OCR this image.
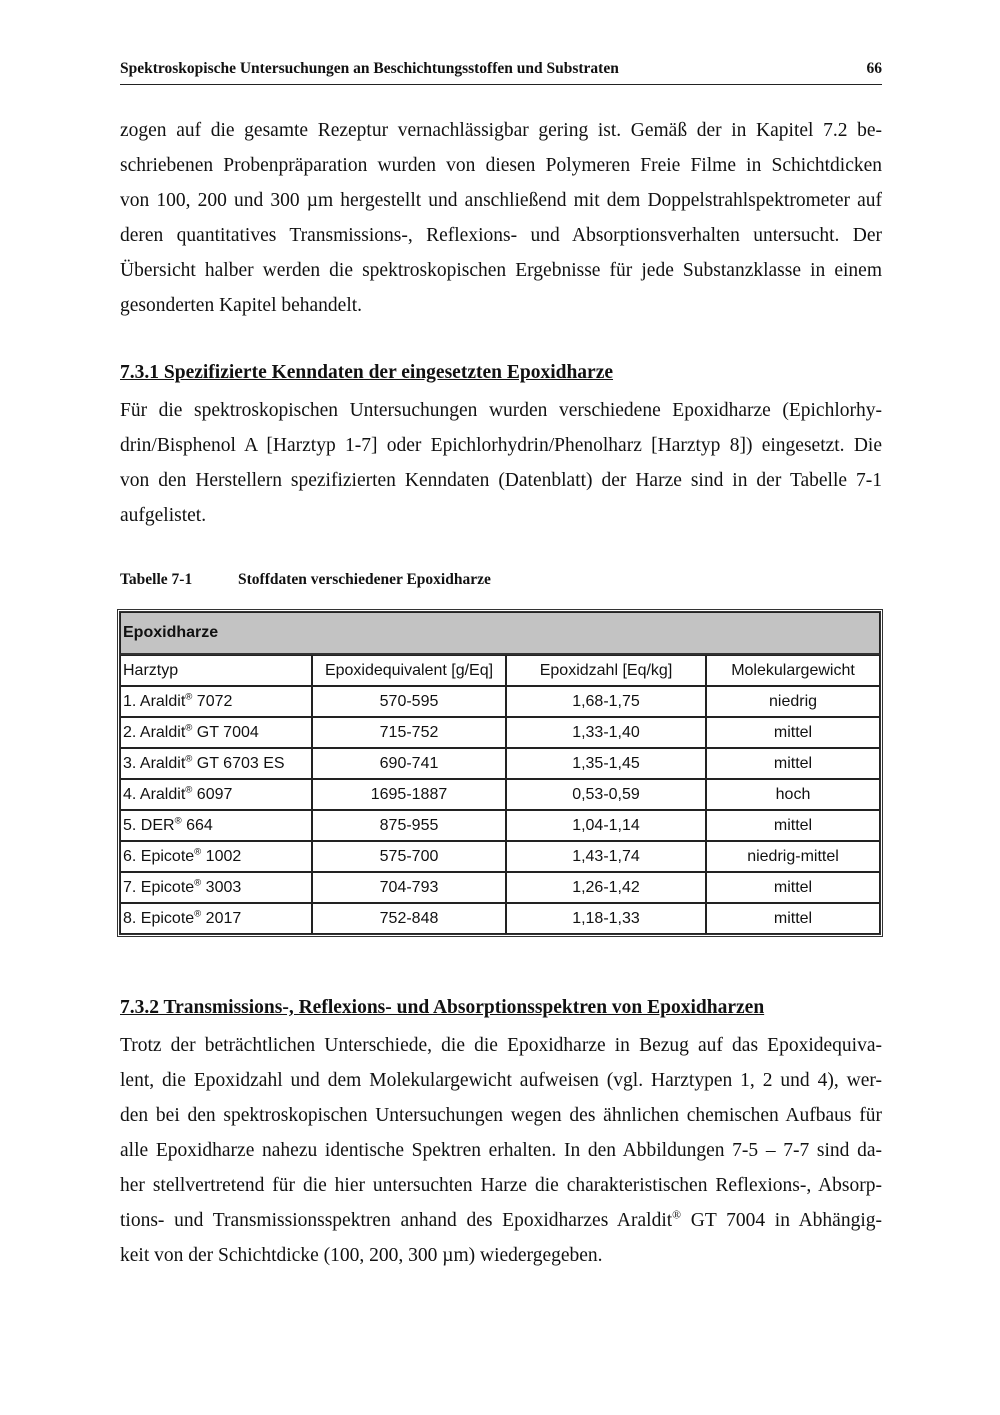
Spektroskopische Untersuchungen an Beschichtungsstoffen und Substraten	66
zogen auf die gesamte Rezeptur vernachlässigbar gering ist. Gemäß der in Kapitel 7.2 be-
schriebenen Probenpräparation wurden von diesen Polymeren Freie Filme in Schichtdicken
von 100, 200 und 300 µm hergestellt und anschließend mit dem Doppelstrahlspektrometer auf
deren quantitatives Transmissions-, Reflexions- und Absorptionsverhalten untersucht. Der
Übersicht halber werden die spektroskopischen Ergebnisse für jede Substanzklasse in einem
gesonderten Kapitel behandelt.
7.3.1 Spezifizierte Kenndaten der eingesetzten Epoxidharze
Für die spektroskopischen Untersuchungen wurden verschiedene Epoxidharze (Epichlorhy-
drin/Bisphenol A [Harztyp 1-7] oder Epichlorhydrin/Phenolharz [Harztyp 8]) eingesetzt. Die
von den Herstellern spezifizierten Kenndaten (Datenblatt) der Harze sind in der Tabelle 7-1
aufgelistet.
Tabelle 7-1	Stoffdaten verschiedener Epoxidharze
Epoxidharze			
Harztyp	Epoxidequivalent [g/Eq]	Epoxidzahl [Eq/kg]	Molekulargewicht
1. Araldit® 7072	570-595	1,68-1,75	niedrig
2. Araldit® GT 7004	715-752	1,33-1,40	mittel
3. Araldit® GT 6703 ES	690-741	1,35-1,45	mittel
4. Araldit® 6097	1695-1887	0,53-0,59	hoch
5. DER® 664	875-955	1,04-1,14	mittel
6. Epicote® 1002	575-700	1,43-1,74	niedrig-mittel
7. Epicote® 3003	704-793	1,26-1,42	mittel
8. Epicote® 2017	752-848	1,18-1,33	mittel
7.3.2 Transmissions-, Reflexions- und Absorptionsspektren von Epoxidharzen
Trotz der beträchtlichen Unterschiede, die die Epoxidharze in Bezug auf das Epoxidequiva-
lent, die Epoxidzahl und dem Molekulargewicht aufweisen (vgl. Harztypen 1, 2 und 4), wer-
den bei den spektroskopischen Untersuchungen wegen des ähnlichen chemischen Aufbaus für
alle Epoxidharze nahezu identische Spektren erhalten. In den Abbildungen 7-5 – 7-7 sind da-
her stellvertretend für die hier untersuchten Harze die charakteristischen Reflexions-, Absorp-
tions- und Transmissionsspektren anhand des Epoxidharzes Araldit® GT 7004 in Abhängig-
keit von der Schichtdicke (100, 200, 300 µm) wiedergegeben.
